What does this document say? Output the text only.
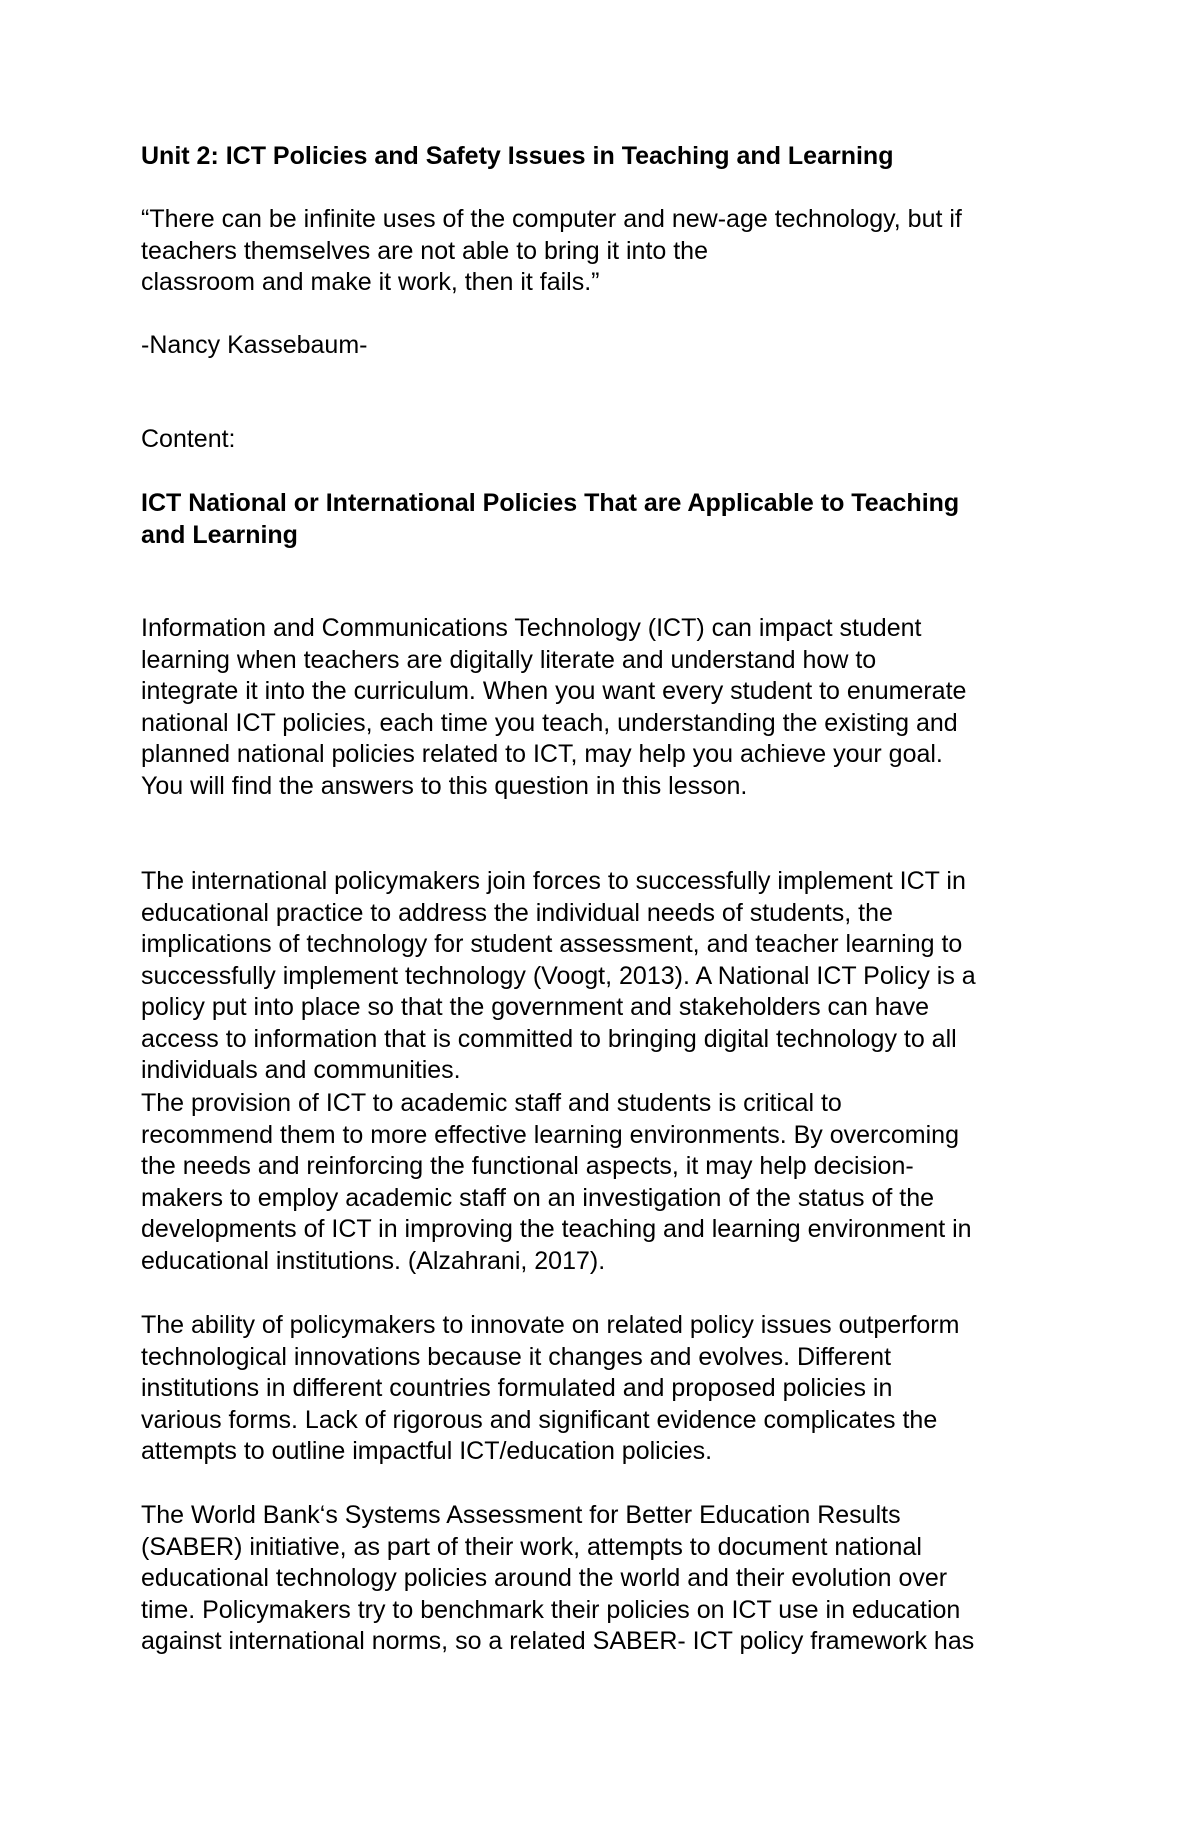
Unit 2: ICT Policies and Safety Issues in Teaching and Learning

“There can be infinite uses of the computer and new-age technology, but if
teachers themselves are not able to bring it into the
classroom and make it work, then it fails.”

-Nancy Kassebaum-

Content:

ICT National or International Policies That are Applicable to Teaching
and Learning

Information and Communications Technology (ICT) can impact student
learning when teachers are digitally literate and understand how to
integrate it into the curriculum. When you want every student to enumerate
national ICT policies, each time you teach, understanding the existing and
planned national policies related to ICT, may help you achieve your goal.
You will find the answers to this question in this lesson.

The international policymakers join forces to successfully implement ICT in
educational practice to address the individual needs of students, the
implications of technology for student assessment, and teacher learning to
successfully implement technology (Voogt, 2013). A National ICT Policy is a
policy put into place so that the government and stakeholders can have
access to information that is committed to bringing digital technology to all
individuals and communities.

The provision of ICT to academic staff and students is critical to
recommend them to more effective learning environments. By overcoming
the needs and reinforcing the functional aspects, it may help decision-
makers to employ academic staff on an investigation of the status of the
developments of ICT in improving the teaching and learning environment in
educational institutions. (Alzahrani, 2017).

The ability of policymakers to innovate on related policy issues outperform
technological innovations because it changes and evolves. Different
institutions in different countries formulated and proposed policies in
various forms. Lack of rigorous and significant evidence complicates the
attempts to outline impactful ICT/education policies.

The World Bank‘s Systems Assessment for Better Education Results
(SABER) initiative, as part of their work, attempts to document national
educational technology policies around the world and their evolution over
time. Policymakers try to benchmark their policies on ICT use in education
against international norms, so a related SABER- ICT policy framework has
